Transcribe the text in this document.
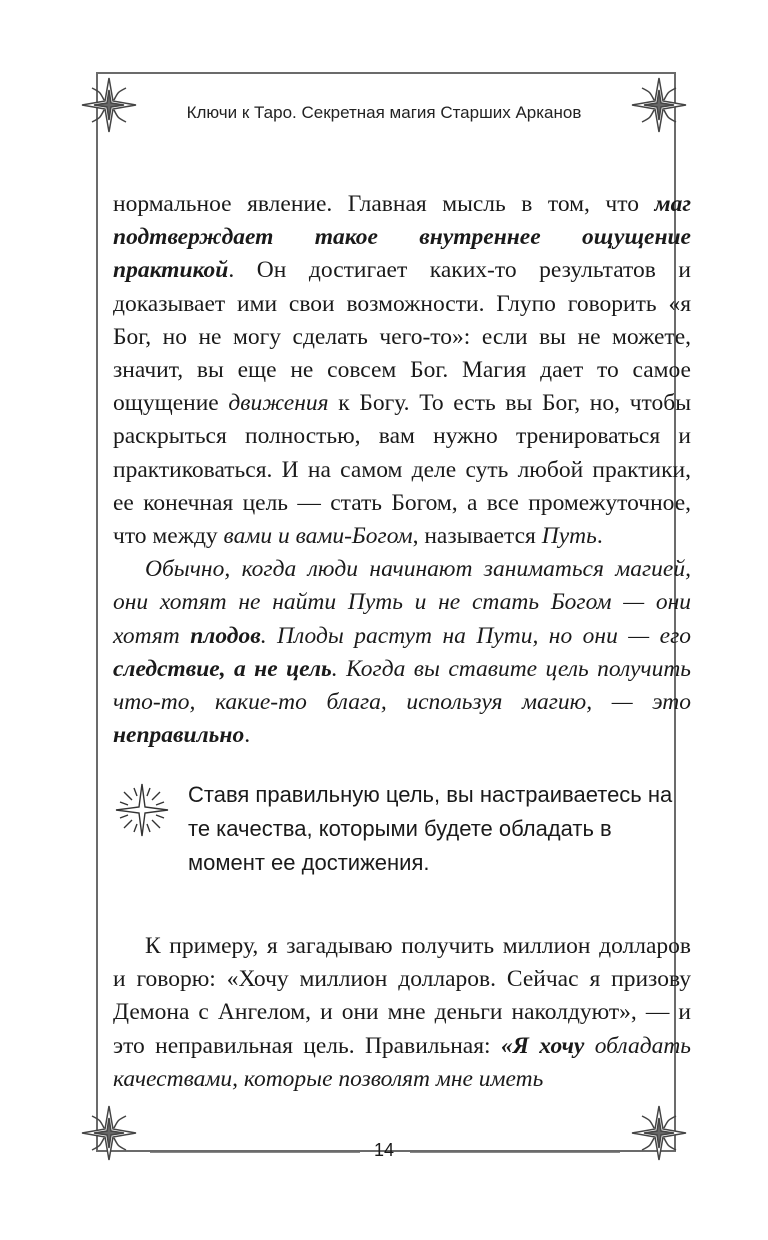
Ключи к Таро. Секретная магия Старших Арканов

нормальное явление. Главная мысль в том, что маг подтверждает такое внутреннее ощущение практикой. Он достигает каких-то результатов и доказывает ими свои возможности. Глупо говорить «я Бог, но не могу сделать чего-то»: если вы не можете, значит, вы еще не совсем Бог. Магия дает то самое ощущение движения к Богу. То есть вы Бог, но, чтобы раскрыться полностью, вам нужно тренироваться и практиковаться. И на самом деле суть любой практики, ее конечная цель — стать Богом, а все промежуточное, что между вами и вами-Богом, называется Путь.

Обычно, когда люди начинают заниматься магией, они хотят не найти Путь и не стать Богом — они хотят плодов. Плоды растут на Пути, но они — его следствие, а не цель. Когда вы ставите цель получить что-то, какие-то блага, используя магию, — это неправильно.

Ставя правильную цель, вы настраиваетесь на те качества, которыми будете обладать в момент ее достижения.

К примеру, я загадываю получить миллион долларов и говорю: «Хочу миллион долларов. Сейчас я призову Демона с Ангелом, и они мне деньги наколдуют», — и это неправильная цель. Правильная: «Я хочу обладать качествами, которые позволят мне иметь

14
